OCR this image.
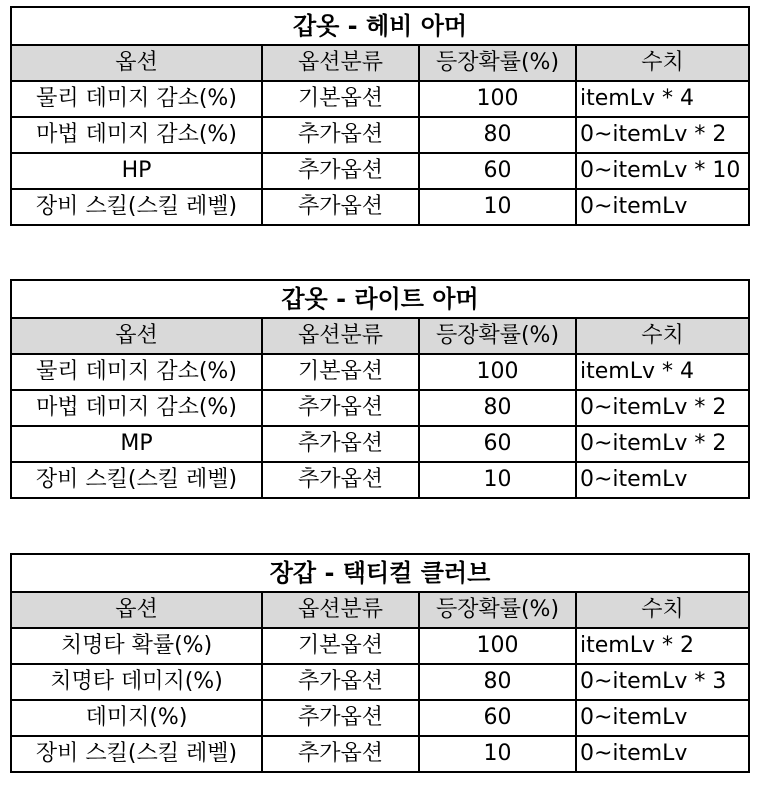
갑옷 - 헤비 아머			
옵션	옵션분류	등장확률(%)	수치
물리 데미지 감소(%)	기본옵션	100	itemLv * 4
마법 데미지 감소(%)	추가옵션	80	0~itemLv * 2
HP	추가옵션	60	0~itemLv * 10
장비 스킬(스킬 레벨)	추가옵션	10	0~itemLv
갑옷 - 라이트 아머			
옵션	옵션분류	등장확률(%)	수치
물리 데미지 감소(%)	기본옵션	100	itemLv * 4
마법 데미지 감소(%)	추가옵션	80	0~itemLv * 2
MP	추가옵션	60	0~itemLv * 2
장비 스킬(스킬 레벨)	추가옵션	10	0~itemLv
장갑 - 택티컬 클러브			
옵션	옵션분류	등장확률(%)	수치
치명타 확률(%)	기본옵션	100	itemLv * 2
치명타 데미지(%)	추가옵션	80	0~itemLv * 3
데미지(%)	추가옵션	60	0~itemLv
장비 스킬(스킬 레벨)	추가옵션	10	0~itemLv
